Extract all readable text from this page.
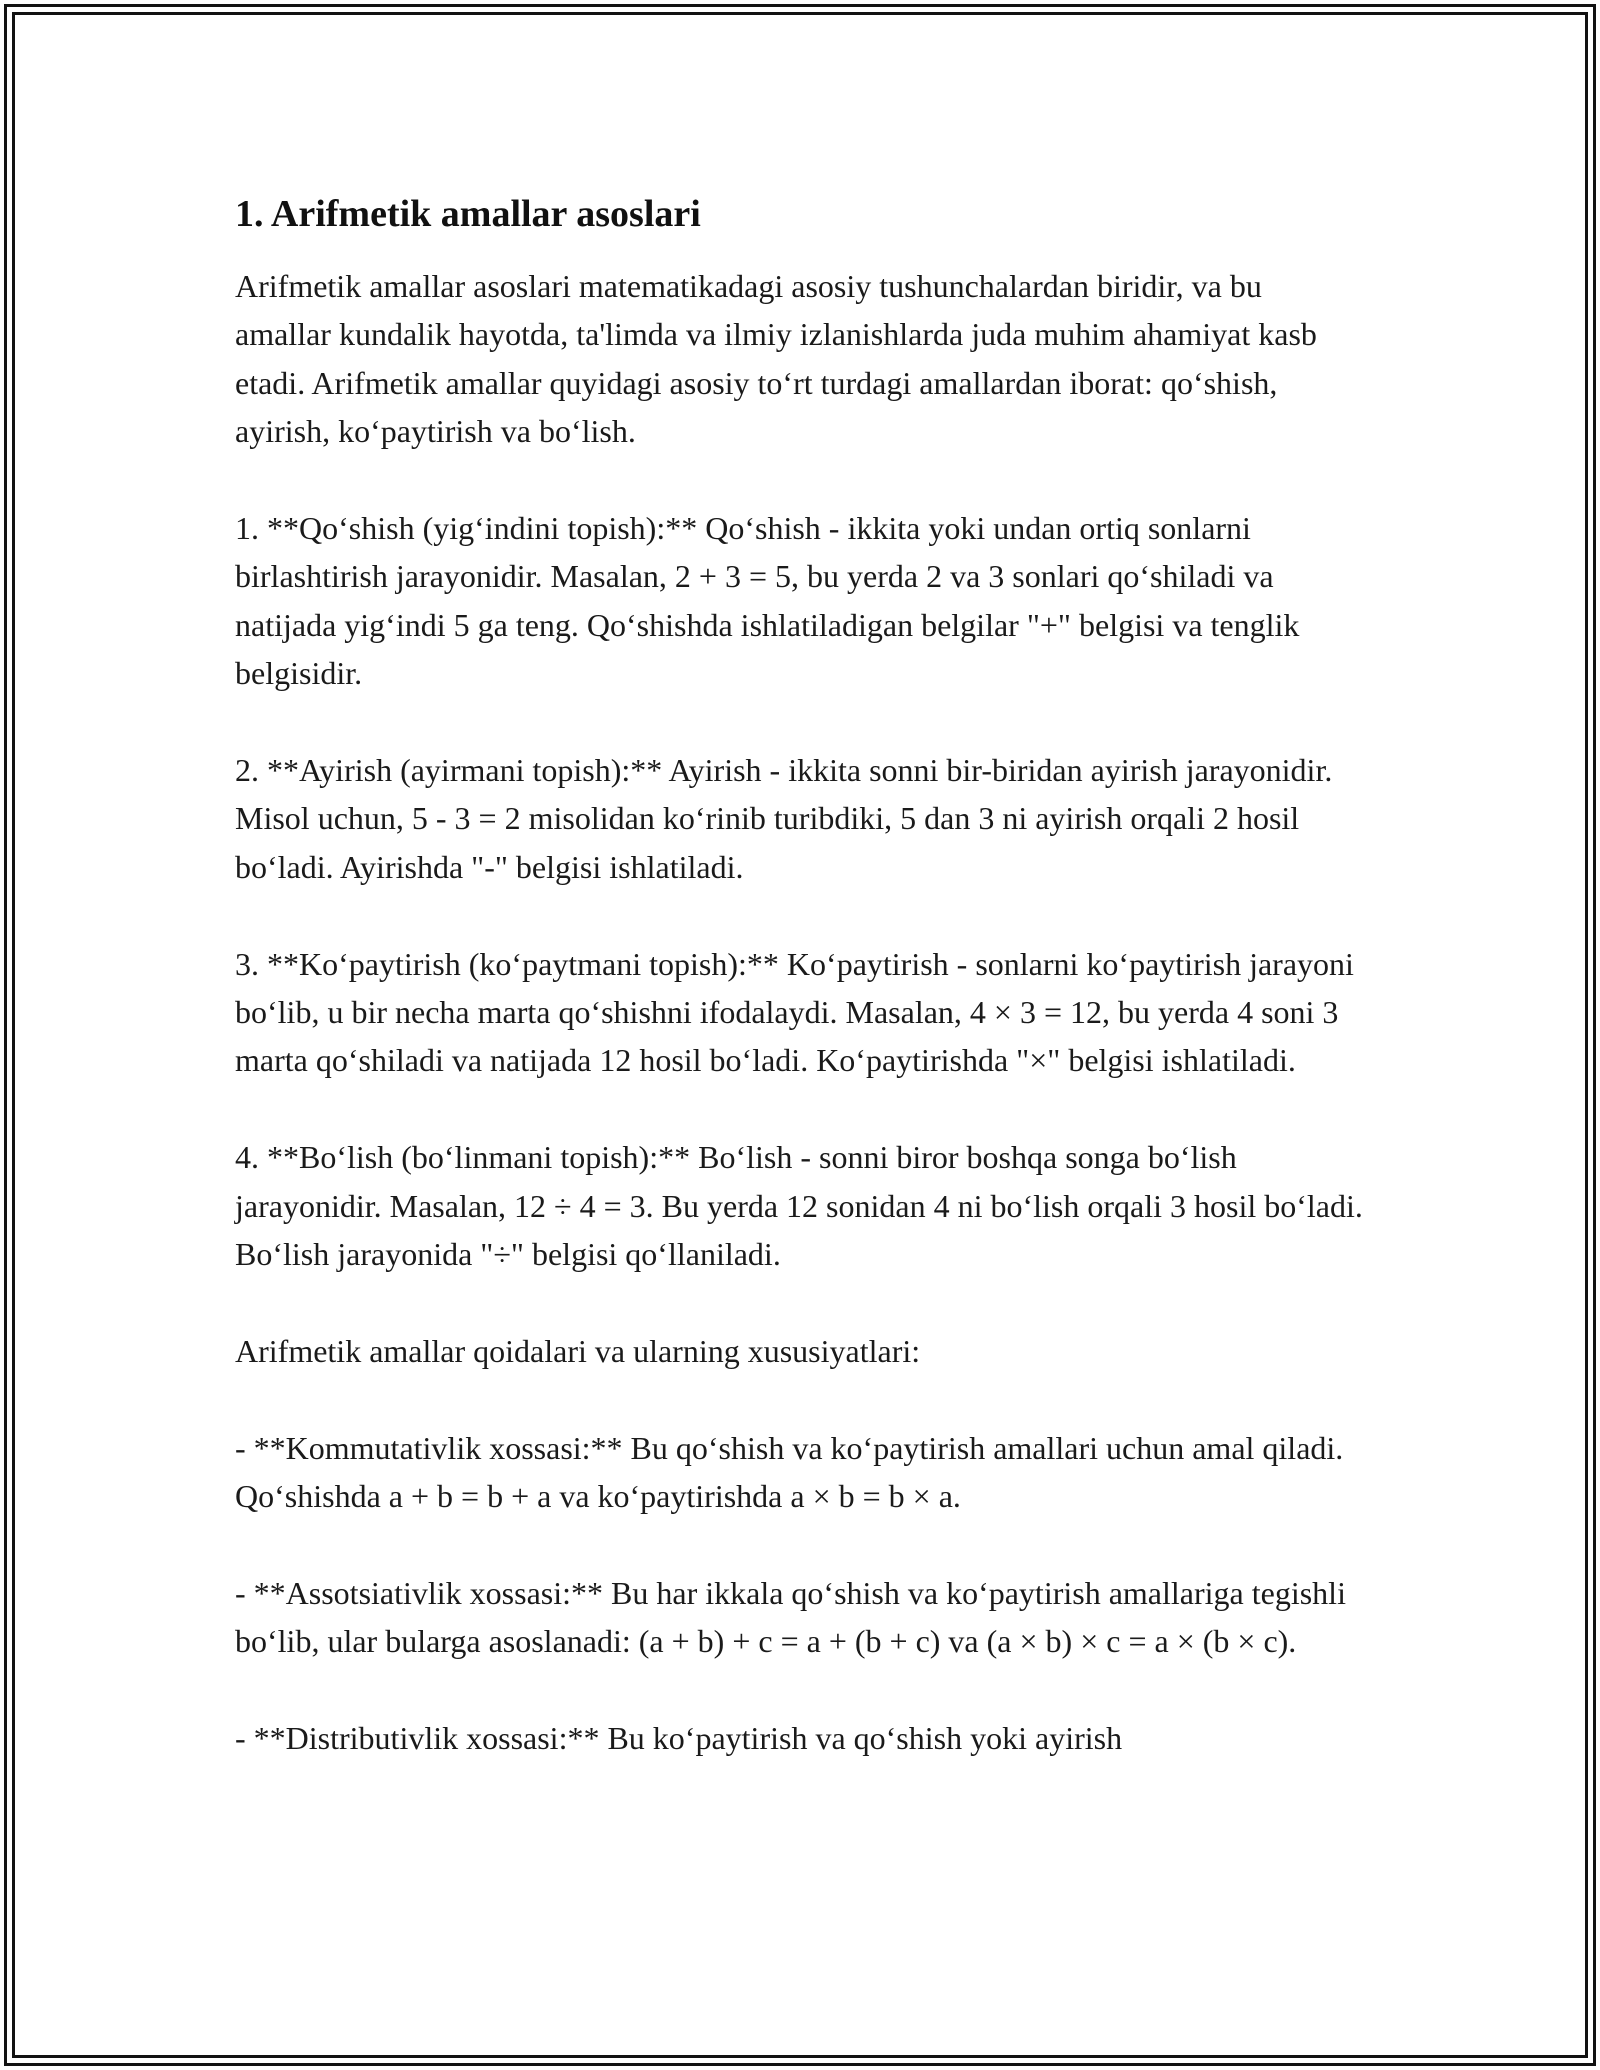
1. Arifmetik amallar asoslari

Arifmetik amallar asoslari matematikadagi asosiy tushunchalardan biridir, va bu amallar kundalik hayotda, ta'limda va ilmiy izlanishlarda juda muhim ahamiyat kasb etadi. Arifmetik amallar quyidagi asosiy to‘rt turdagi amallardan iborat: qo‘shish, ayirish, ko‘paytirish va bo‘lish.

1. **Qo‘shish (yig‘indini topish):** Qo‘shish - ikkita yoki undan ortiq sonlarni birlashtirish jarayonidir. Masalan, 2 + 3 = 5, bu yerda 2 va 3 sonlari qo‘shiladi va natijada yig‘indi 5 ga teng. Qo‘shishda ishlatiladigan belgilar "+" belgisi va tenglik belgisidir.

2. **Ayirish (ayirmani topish):** Ayirish - ikkita sonni bir-biridan ayirish jarayonidir. Misol uchun, 5 - 3 = 2 misolidan ko‘rinib turibdiki, 5 dan 3 ni ayirish orqali 2 hosil bo‘ladi. Ayirishda "-" belgisi ishlatiladi.

3. **Ko‘paytirish (ko‘paytmani topish):** Ko‘paytirish - sonlarni ko‘paytirish jarayoni bo‘lib, u bir necha marta qo‘shishni ifodalaydi. Masalan, 4 × 3 = 12, bu yerda 4 soni 3 marta qo‘shiladi va natijada 12 hosil bo‘ladi. Ko‘paytirishda "×" belgisi ishlatiladi.

4. **Bo‘lish (bo‘linmani topish):** Bo‘lish - sonni biror boshqa songa bo‘lish jarayonidir. Masalan, 12 ÷ 4 = 3. Bu yerda 12 sonidan 4 ni bo‘lish orqali 3 hosil bo‘ladi. Bo‘lish jarayonida "÷" belgisi qo‘llaniladi.

Arifmetik amallar qoidalari va ularning xususiyatlari:

- **Kommutativlik xossasi:** Bu qo‘shish va ko‘paytirish amallari uchun amal qiladi. Qo‘shishda a + b = b + a va ko‘paytirishda a × b = b × a.

- **Assotsiativlik xossasi:** Bu har ikkala qo‘shish va ko‘paytirish amallariga tegishli bo‘lib, ular bularga asoslanadi: (a + b) + c = a + (b + c) va (a × b) × c = a × (b × c).

- **Distributivlik xossasi:** Bu ko‘paytirish va qo‘shish yoki ayirish
